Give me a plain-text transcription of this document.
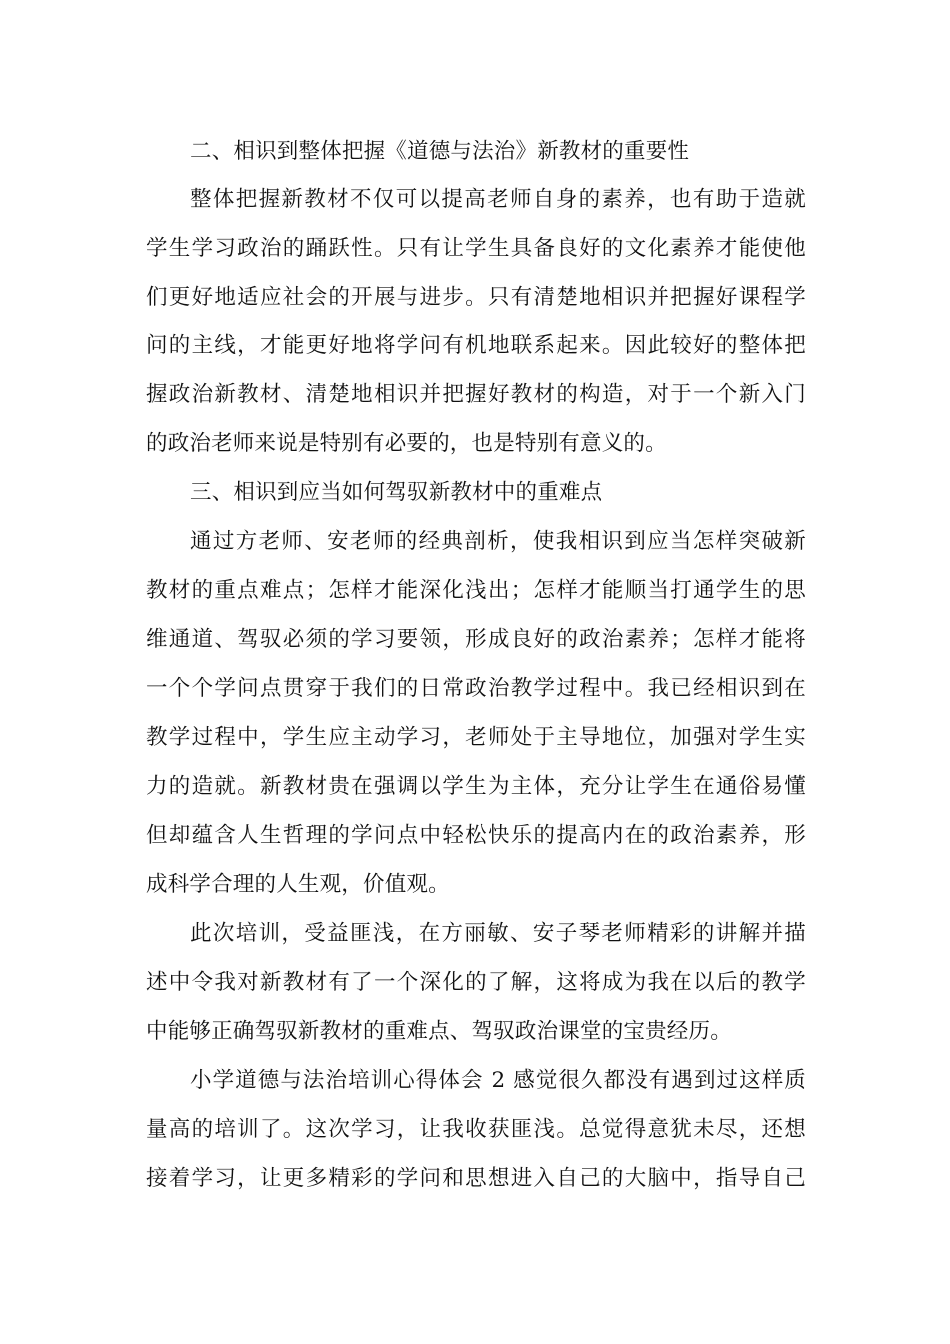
二、相识到整体把握《道德与法治》新教材的重要性
整体把握新教材不仅可以提高老师自身的素养，也有助于造就
学生学习政治的踊跃性。只有让学生具备良好的文化素养才能使他
们更好地适应社会的开展与进步。只有清楚地相识并把握好课程学
问的主线，才能更好地将学问有机地联系起来。因此较好的整体把
握政治新教材、清楚地相识并把握好教材的构造，对于一个新入门
的政治老师来说是特别有必要的，也是特别有意义的。
三、相识到应当如何驾驭新教材中的重难点
通过方老师、安老师的经典剖析，使我相识到应当怎样突破新
教材的重点难点；怎样才能深化浅出；怎样才能顺当打通学生的思
维通道、驾驭必须的学习要领，形成良好的政治素养；怎样才能将
一个个学问点贯穿于我们的日常政治教学过程中。我已经相识到在
教学过程中，学生应主动学习，老师处于主导地位，加强对学生实
力的造就。新教材贵在强调以学生为主体，充分让学生在通俗易懂
但却蕴含人生哲理的学问点中轻松快乐的提高内在的政治素养，形
成科学合理的人生观，价值观。
此次培训，受益匪浅，在方丽敏、安子琴老师精彩的讲解并描
述中令我对新教材有了一个深化的了解，这将成为我在以后的教学
中能够正确驾驭新教材的重难点、驾驭政治课堂的宝贵经历。
小学道德与法治培训心得体会 2 感觉很久都没有遇到过这样质
量高的培训了。这次学习，让我收获匪浅。总觉得意犹未尽，还想
接着学习，让更多精彩的学问和思想进入自己的大脑中，指导自己
